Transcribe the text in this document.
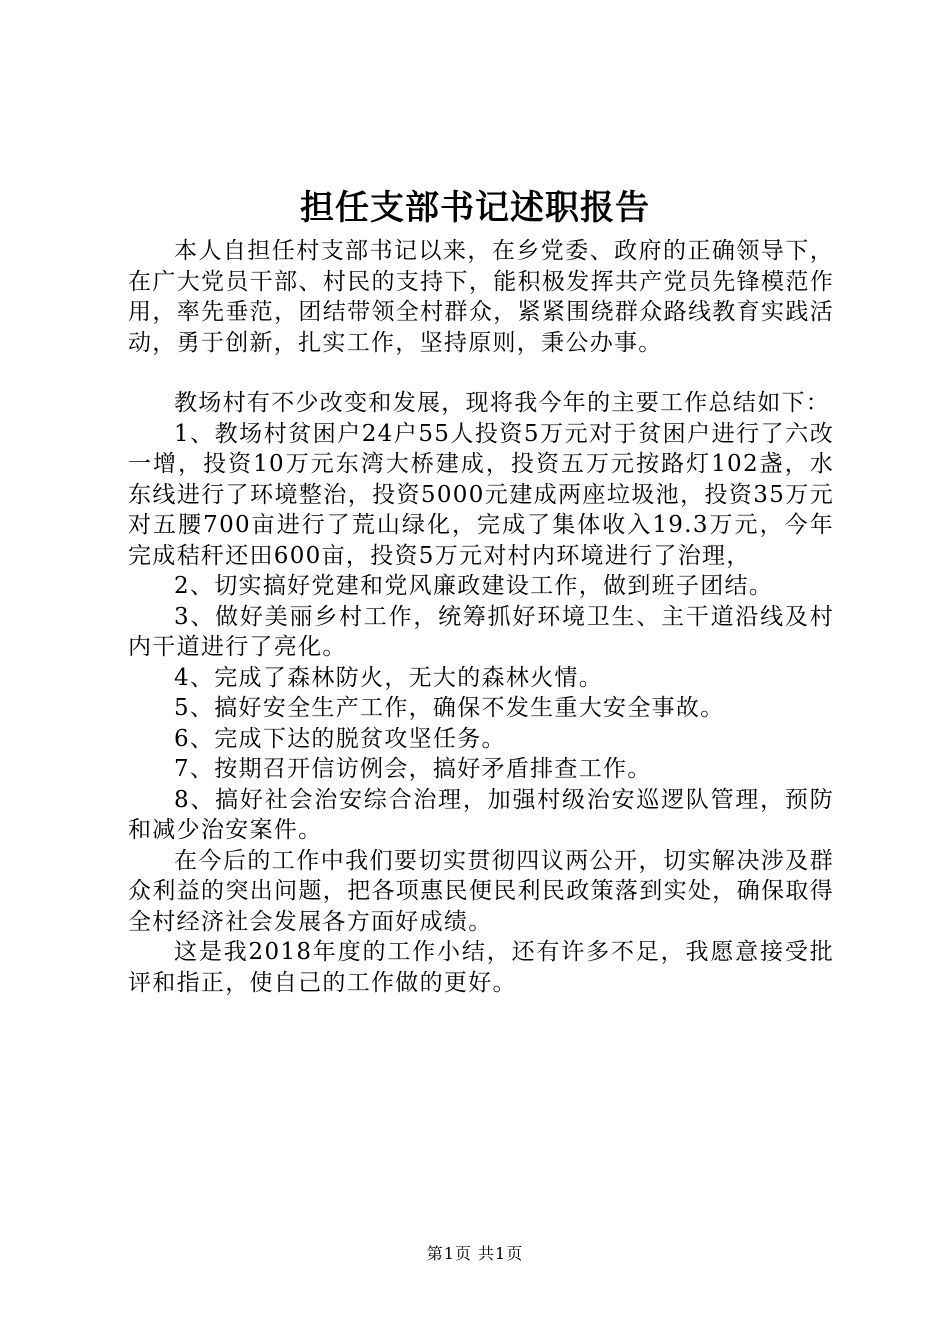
担任支部书记述职报告

本人自担任村支部书记以来，在乡党委、政府的正确领导下，在广大党员干部、村民的支持下，能积极发挥共产党员先锋模范作用，率先垂范，团结带领全村群众，紧紧围绕群众路线教育实践活动，勇于创新，扎实工作，坚持原则，秉公办事。

教场村有不少改变和发展，现将我今年的主要工作总结如下：

1、教场村贫困户24户55人投资5万元对于贫困户进行了六改一增，投资10万元东湾大桥建成，投资五万元按路灯102盏，水东线进行了环境整治，投资5000元建成两座垃圾池，投资35万元对五腰700亩进行了荒山绿化，完成了集体收入19.3万元，今年完成秸秆还田600亩，投资5万元对村内环境进行了治理，

2、切实搞好党建和党风廉政建设工作，做到班子团结。

3、做好美丽乡村工作，统筹抓好环境卫生、主干道沿线及村内干道进行了亮化。

4、完成了森林防火，无大的森林火情。

5、搞好安全生产工作，确保不发生重大安全事故。

6、完成下达的脱贫攻坚任务。

7、按期召开信访例会，搞好矛盾排查工作。

8、搞好社会治安综合治理，加强村级治安巡逻队管理，预防和减少治安案件。

在今后的工作中我们要切实贯彻四议两公开，切实解决涉及群众利益的突出问题，把各项惠民便民利民政策落到实处，确保取得全村经济社会发展各方面好成绩。

这是我2018年度的工作小结，还有许多不足，我愿意接受批评和指正，使自己的工作做的更好。

第1页 共1页
